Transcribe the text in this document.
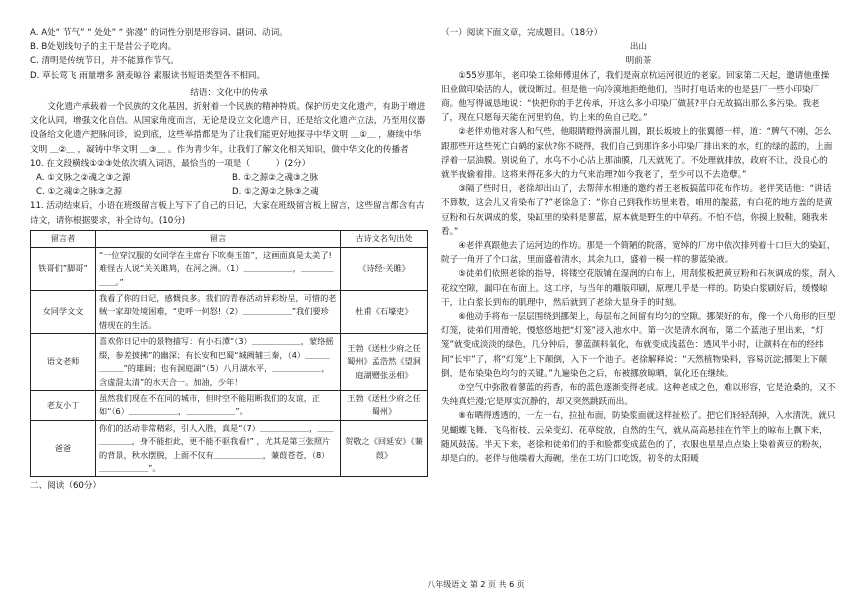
A. A处“ 节气” “ 处处” “ 弥漫” 的词性分别是形容词、副词、动词。

B. B处划线句子的主干是昔公子吃肉。

C. 清明是传统节日，并不能算作节气。

D. 草长莺飞 雨量增多 割麦晾谷 素服读书短语类型各不相同。

结语：文化中的传承

文化遗产承载着一个民族的文化基因，折射着一个民族的精神特质。保护历史文化遗产，有助于增进文化认同，增强文化自信。从国家角度而言，无论是设立文化遗产日，还是给文化遗产立法，乃至用仪器设备给文化遗产把脉问诊，说到底，这些举措都是为了让我们能更好地探寻中华文明 ＿①＿ ，赓续中华文明 ＿②＿ ，凝铸中华文明 ＿③＿ 。作为青少年，让我们了解文化相关知识，做中华文化的传播者

10. 在文段横线①②③处依次填入词语，最恰当的一项是（　　　）(2分）

A. ①文脉之②魂之③之源	B. ①之源②之魂③之脉
C. ①之魂②之脉③之源	D. ①之源②之脉③之魂

11. 活动结束后，小语在班级留言板上写下了自己的日记，大家在班级留言板上留言，这些留言都含有古诗文，请你根据要求，补全诗句。(10分)

留言者	留言	古诗文名句出处
铁哥们”脚哥”	“一位穿汉服的女同学在主席台下吹奏玉笛”，这画面真是太美了!难怪古人说“关关雎鸠，在河之洲。（1）＿＿＿＿＿＿，＿＿＿＿＿＿。”	《诗经·关雎》
女同学文文	我看了你的日记，感慨良多。我们的青春活动异彩纷呈，可惜的老贼一家却处境困难，“吏呼一何怒!（2）＿＿＿＿＿＿”我们要珍惜现在的生活。	杜甫《石壕吏》
语文老师	喜欢你日记中的景物描写：有小石潭“（3）＿＿＿＿＿＿，蒙络摇缀，参差披拂”的幽深；有长安和巴蜀“城阙辅三秦，（4）＿＿＿＿＿＿”的雄阔；也有洞庭湖“（5）八月湖水平，＿＿＿＿＿＿，含虚混太清”的水天合一。加油，少年！	王勃《送杜少府之任蜀州》孟浩然《望洞庭湖赠张丞相》
老友小丁	虽然我们现在不在同的城市，但时空不能阻断我们的友谊，正如“（6）＿＿＿＿＿＿，＿＿＿＿＿＿”。	王勃《送杜少府之任蜀州》
爸爸	你们的活动非常精彩，引人入胜，真是“（7）＿＿＿＿＿＿，＿＿＿＿＿＿，身不能拒此，更不能不驱我看!” ，尤其是第三张照片的背景，秋水摆脱，上面不仅有＿＿＿＿＿＿，蒹葭苍苍，（8）＿＿＿＿＿＿”。	贺敬之《回延安》《蒹葭》

二、阅读（60分）

（一）阅读下面文章，完成题目。（18分）

出山

明前茶

①55岁那年，老印染工徐师傅退休了，我们是南京杭运河很近的老家。回家第二天起，邀请他重操旧业做印染活的人，就设断过。但是他一向冷漠地拒绝他们，当时打电话来的也是县厂一些小印染厂商。他写得诚恳地说：“快把你的手艺传承，开这么多小印染厂做甚?平白无故搞出那么多污染。我老了，现在只愿每天能在河里钓鱼，钓上来的鱼自己吃。”

②老伴劝他对客人和气些，他眼睛瞪得滴溜儿圆，跟长坂坡上的张翼德一样，道：“脾气不刚，怎么跟那些开这些死亡白鹤的家伙?你不晓得，我们自己到那许多小印染厂排出来的水，红的绿的蓝的，上面浮着一层油膜。别说鱼了，水鸟不小心沾上那油膜，几天就死了。不处理就排放，政府不让，没良心的就半夜偷着排。这将来得花多大的力气来治理?如今我老了，至少可以不去造孽。”

③隔了些时日，老徐却出山了，去帮萍水相逢的邀约者王老板搞蓝印花布作坊。老伴笑话他：“讲话不算数，这会儿又肯染布了?”老徐急了：“你自己到我作坊里来看，咱用的靛蓝，有白花的地方盖的是黄豆粉和石灰调成的浆，染缸里的染料是蓼蓝，原本就是野生的中草药。不怕不信，你摸上胶鞋，随我来看。”

④老伴真跟他去了运河边的作坊。那是一个简陋的院落，宽绰的厂房中依次排列着十口巨大的染缸，院子一角开了个口盆，里面盛着清水，其余九口，盛着一模一样的蓼蓝染液。

⑤徒弟们依照老徐的指导，将镂空花版铺在湿润的白布上，用刮浆板把黄豆粉和石灰调成的浆，刮入花纹空隙，漏印在布面上。这工序，与当年的雕版印刷，原理几乎是一样的。防染白浆刷好后，缓慢晾干，让白浆长到布的肌理中，然后就到了老徐大显身手的时刻。

⑥他动手将布一层层围绕到挪架上，每层布之间留有均匀的空隙。挪架好的布，像一个八角形的巨型灯笼，徒弟们用滑轮，慢悠悠地把“灯笼”浸入池水中。第一次是清水润布，第二个蓝池子里出来，“灯笼”就变成淡淡的绿色，几分钟后，蓼蓝颜料氧化，布就变成浅蓝色：透风半小时，让颜料在布的经纬间“长牢”了，将“灯笼”上下颠倒，入下一个池子。老徐解释说：“天然植物染料，容易沉淀;挪架上下颠倒，是布染染色均匀的关键。”九遍染色之后，布被挪放晾晒，氧化还在继续。

⑦空气中弥散着蓼蓝的药香，布的蓝色逐渐变得老成。这种老成之色，难以形容，它是沧桑的，又不失纯真烂漫;它是厚实沉静的，却又突然跳跃而出。

⑧布晒得透透的，一左一右，拉扯布面，防染浆面就这样扯松了。把它们轻轻刮掉，入水清洗，就只见蝴蝶飞舞、飞鸟衔枝、云朵变幻、花草绽放，自然的生气，就从高高悬挂在竹竿上的晾布上飘下来，随风鼓荡。半天下来，老徐和徒弟们的手和脸都变成蓝色的了，衣服也星星点点染上染着黄豆的粉灰，却是白的。老伴与他端着大海碗，坐在工坊门口吃饭，初冬的太阳暖

八年级语文 第 2 页 共 6 页
